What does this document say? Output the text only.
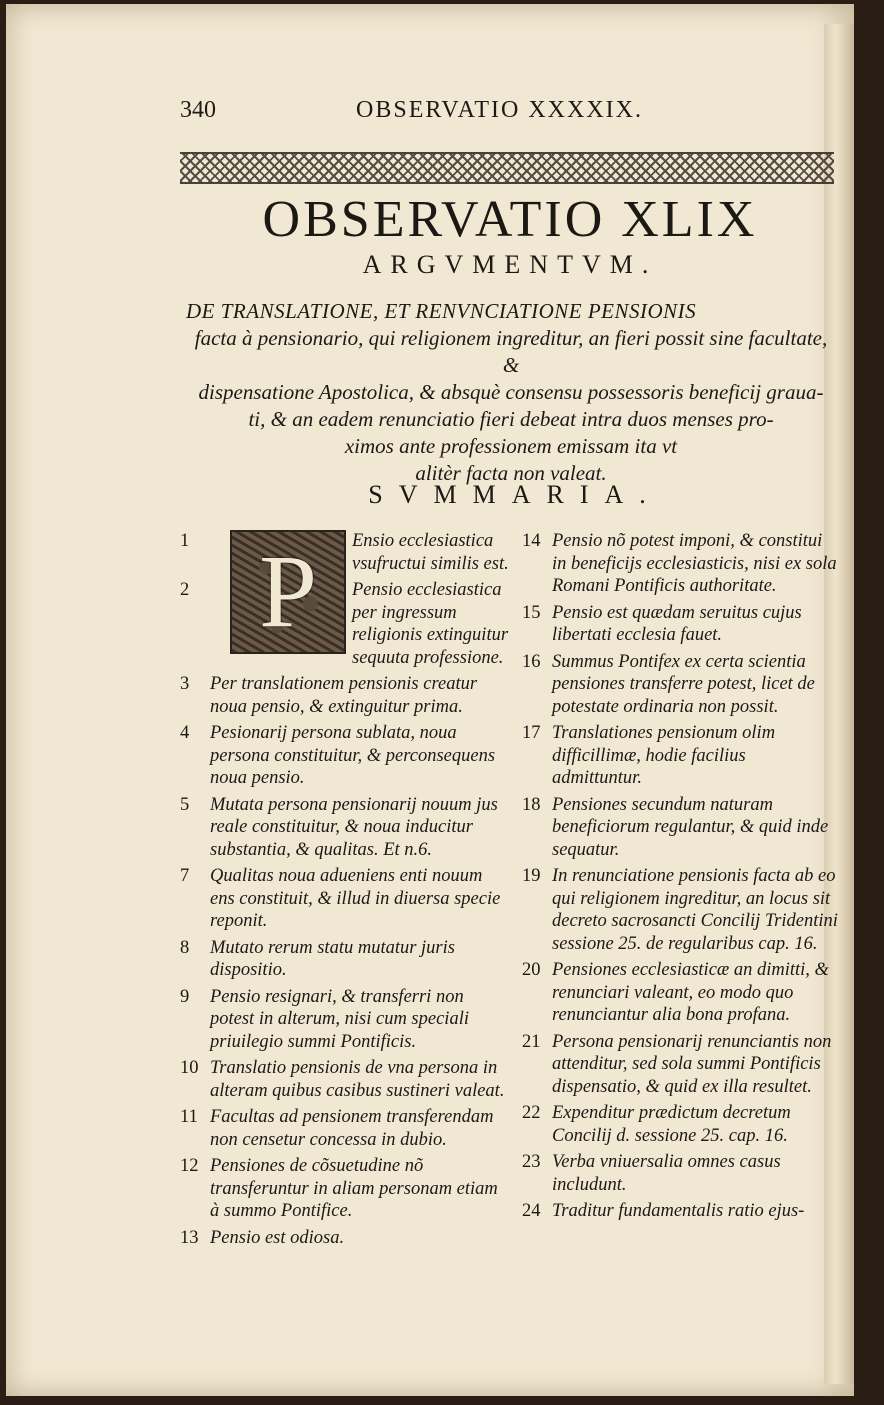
340	OBSERVATIO XXXXIX.
OBSERVATIO XLIX
ARGVMENTVM.
DE TRANSLATIONE, ET RENVNCIATIONE PENSIONIS
facta à pensionario, qui religionem ingreditur, an fieri possit sine facultate, &
dispensatione Apostolica, & absquè consensu possessoris beneficij graua-
ti, & an eadem renunciatio fieri debeat intra duos menses pro-
ximos ante professionem emissam ita vt
alitèr facta non valeat.
SVMMARIA.
1 P	Ensio ecclesiastica vsufructui similis est.
2	Pensio ecclesiastica per ingressum religionis extinguitur sequuta professione.
3 Per translationem pensionis creatur noua pensio, & extinguitur prima.
4 Pesionarij persona sublata, noua persona constituitur, & perconsequens noua pensio.
5 Mutata persona pensionarij nouum jus reale constituitur, & noua inducitur substantia, & qualitas. Et n.6.
7 Qualitas noua adueniens enti nouum ens constituit, & illud in diuersa specie reponit.
8 Mutato rerum statu mutatur juris dispositio.
9 Pensio resignari, & transferri non potest in alterum, nisi cum speciali priuilegio summi Pontificis.
10 Translatio pensionis de vna persona in alteram quibus casibus sustineri valeat.
11 Facultas ad pensionem transferendam non censetur concessa in dubio.
12 Pensiones de cõsuetudine nõ transferuntur in aliam personam etiam à summo Pontifice.
13 Pensio est odiosa.
14 Pensio nõ potest imponi, & constitui in beneficijs ecclesiasticis, nisi ex sola Romani Pontificis authoritate.
15 Pensio est quædam seruitus cujus libertati ecclesia fauet.
16 Summus Pontifex ex certa scientia pensiones transferre potest, licet de potestate ordinaria non possit.
17 Translationes pensionum olim difficillimæ, hodie facilius admittuntur.
18 Pensiones secundum naturam beneficiorum regulantur, & quid inde sequatur.
19 In renunciatione pensionis facta ab eo qui religionem ingreditur, an locus sit decreto sacrosancti Concilij Tridentini sessione 25. de regularibus cap. 16.
20 Pensiones ecclesiasticæ an dimitti, & renunciari valeant, eo modo quo renunciantur alia bona profana.
21 Persona pensionarij renunciantis non attenditur, sed sola summi Pontificis dispensatio, & quid ex illa resultet.
22 Expenditur prædictum decretum Concilij d. sessione 25. cap. 16.
23 Verba vniuersalia omnes casus includunt.
24 Traditur fundamentalis ratio ejus-
